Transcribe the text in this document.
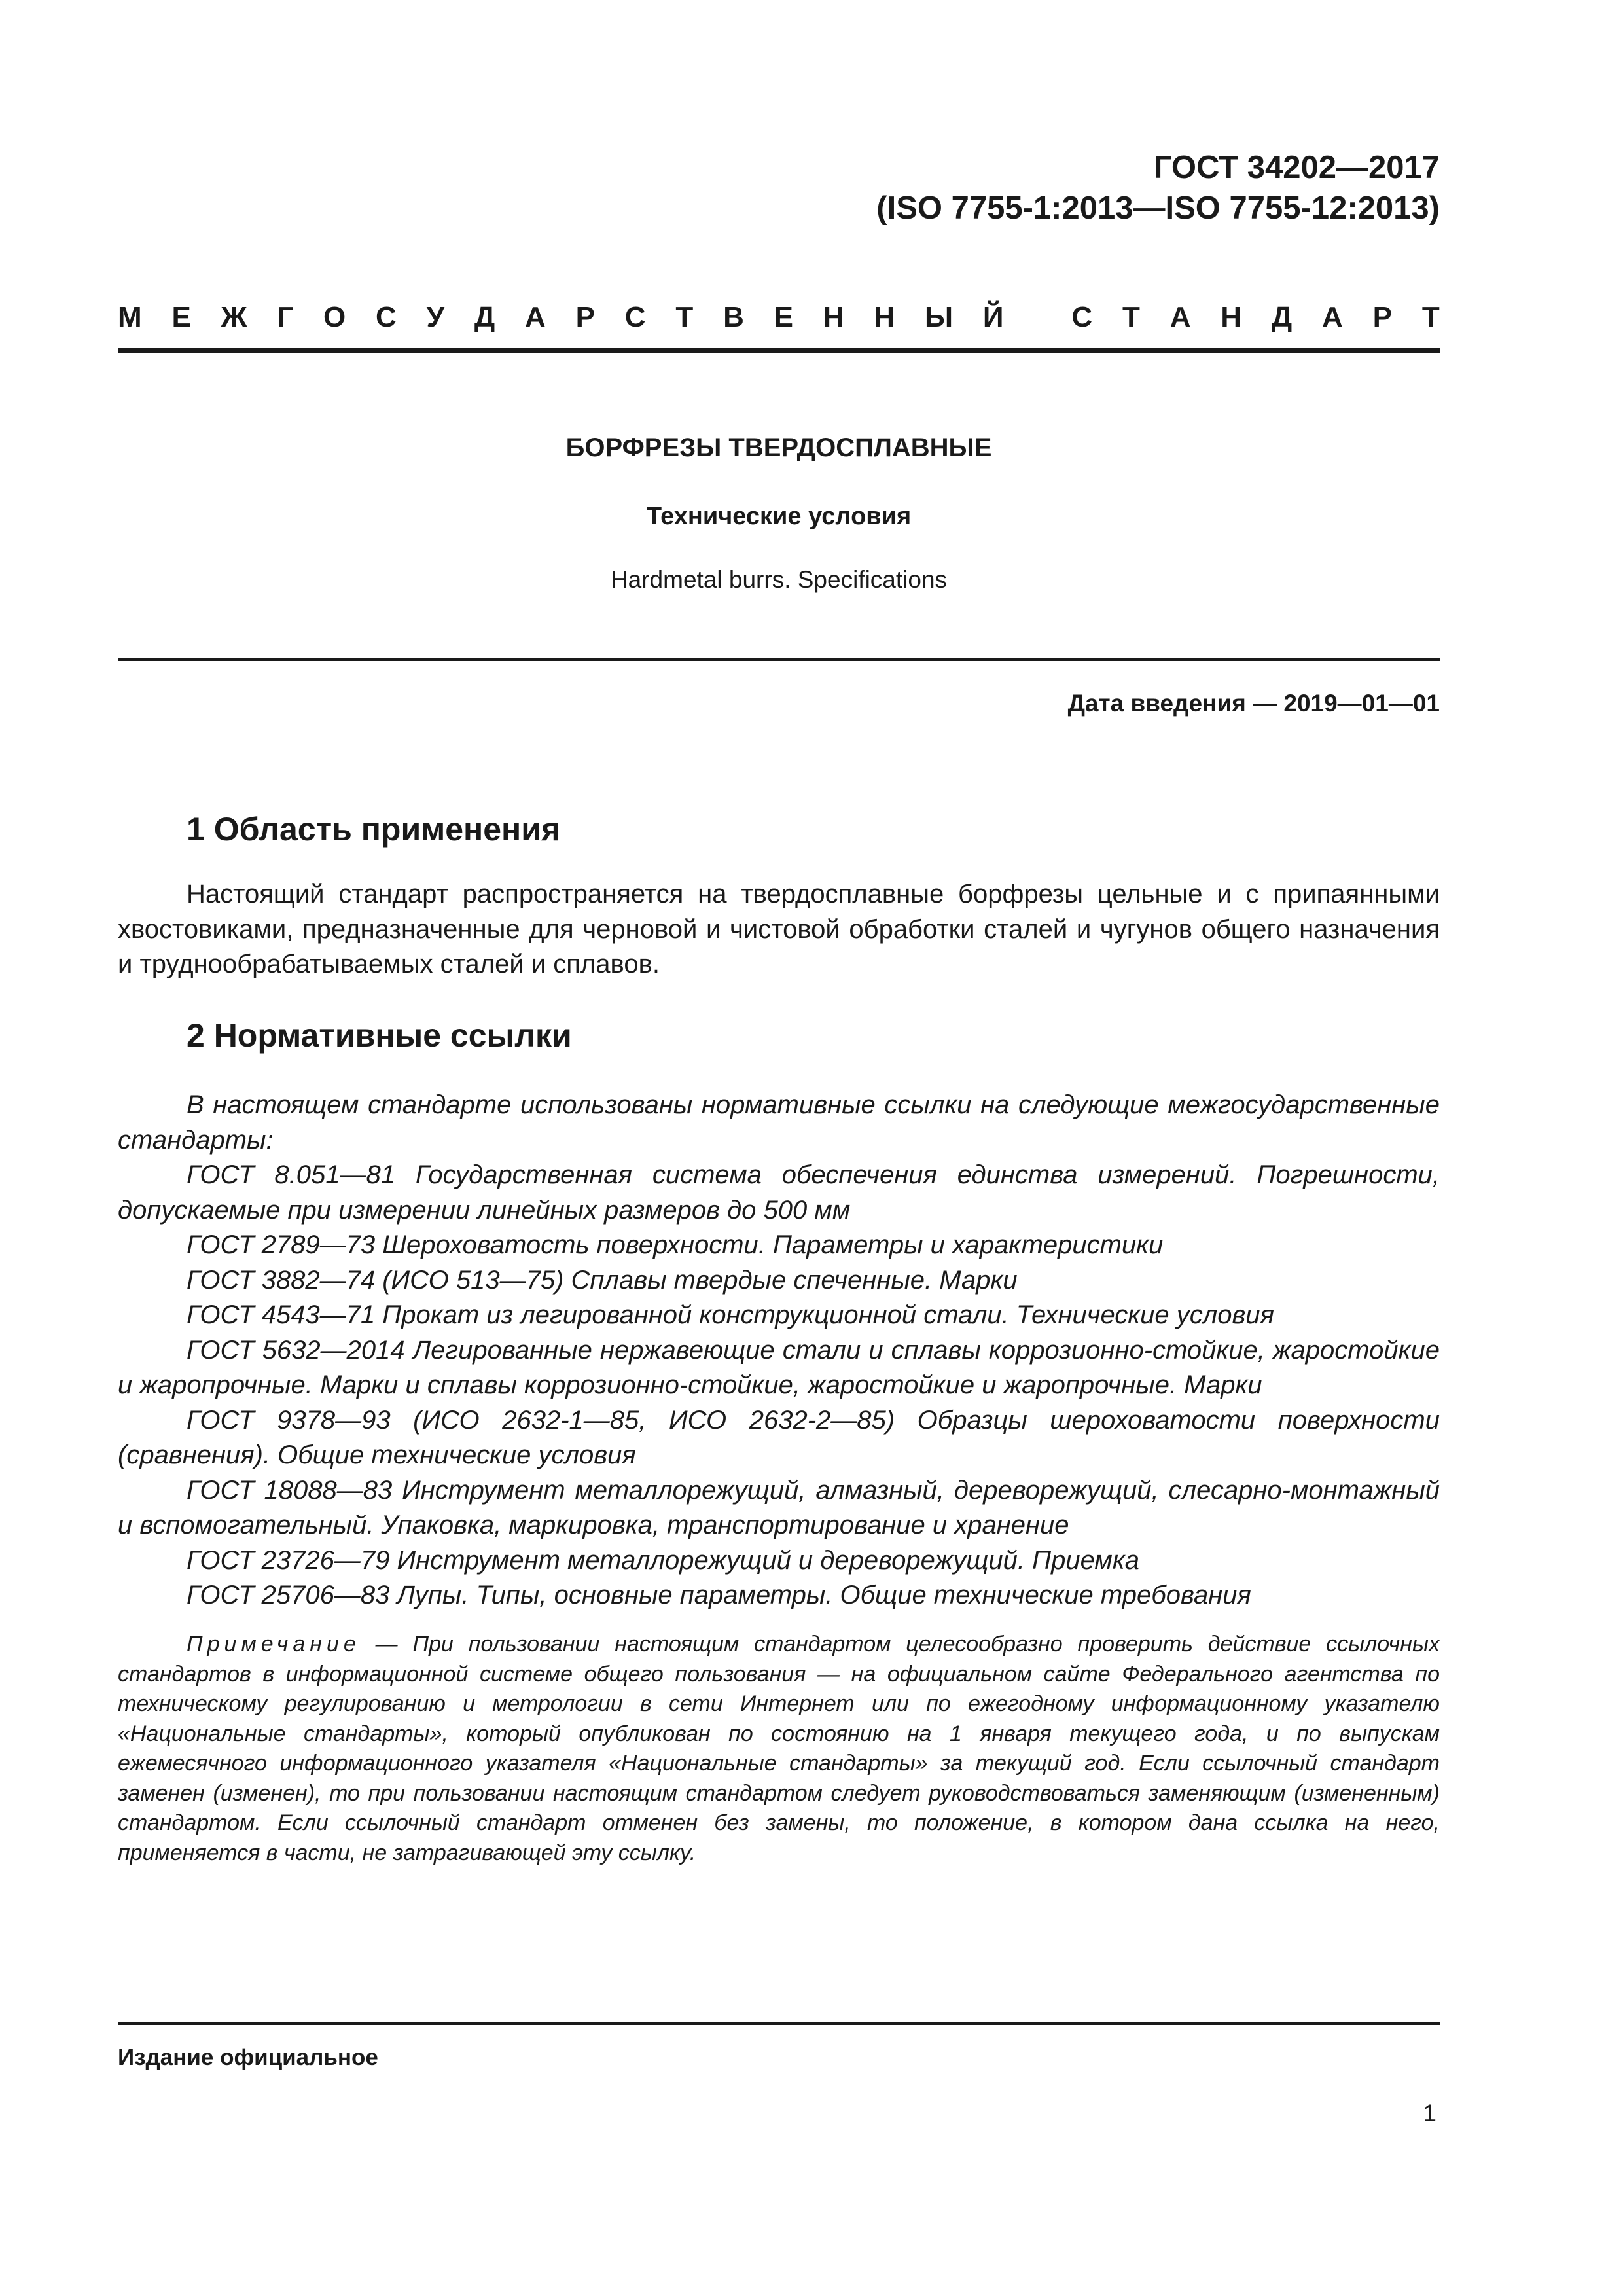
ГОСТ 34202—2017
(ISO 7755-1:2013—ISO 7755-12:2013)
М Е Ж Г О С У Д А Р С Т В Е Н Н Ы Й
С Т А Н Д А Р Т
БОРФРЕЗЫ ТВЕРДОСПЛАВНЫЕ
Технические условия
Hardmetal burrs. Specifications
Дата введения — 2019—01—01
1 Область применения

Настоящий стандарт распространяется на твердосплавные борфрезы цельные и с припаянными хвостовиками, предназначенные для черновой и чистовой обработки сталей и чугунов общего назначения и труднообрабатываемых сталей и сплавов.

2 Нормативные ссылки

В настоящем стандарте использованы нормативные ссылки на следующие межгосударственные стандарты:

ГОСТ 8.051—81 Государственная система обеспечения единства измерений. Погрешности, допускаемые при измерении линейных размеров до 500 мм

ГОСТ 2789—73 Шероховатость поверхности. Параметры и характеристики

ГОСТ 3882—74 (ИСО 513—75) Сплавы твердые спеченные. Марки

ГОСТ 4543—71 Прокат из легированной конструкционной стали. Технические условия

ГОСТ 5632—2014 Легированные нержавеющие стали и сплавы коррозионно-стойкие, жаростойкие и жаропрочные. Марки и сплавы коррозионно-стойкие, жаростойкие и жаропрочные. Марки

ГОСТ 9378—93 (ИСО 2632-1—85, ИСО 2632-2—85) Образцы шероховатости поверхности (сравнения). Общие технические условия

ГОСТ 18088—83 Инструмент металлорежущий, алмазный, дереворежущий, слесарно-монтажный и вспомогательный. Упаковка, маркировка, транспортирование и хранение

ГОСТ 23726—79 Инструмент металлорежущий и дереворежущий. Приемка

ГОСТ 25706—83 Лупы. Типы, основные параметры. Общие технические требования

Примечание — При пользовании настоящим стандартом целесообразно проверить действие ссылочных стандартов в информационной системе общего пользования — на официальном сайте Федерального агентства по техническому регулированию и метрологии в сети Интернет или по ежегодному информационному указателю «Национальные стандарты», который опубликован по состоянию на 1 января текущего года, и по выпускам ежемесячного информационного указателя «Национальные стандарты» за текущий год. Если ссылочный стандарт заменен (изменен), то при пользовании настоящим стандартом следует руководствоваться заменяющим (измененным) стандартом. Если ссылочный стандарт отменен без замены, то положение, в котором дана ссылка на него, применяется в части, не затрагивающей эту ссылку.
Издание официальное
1
